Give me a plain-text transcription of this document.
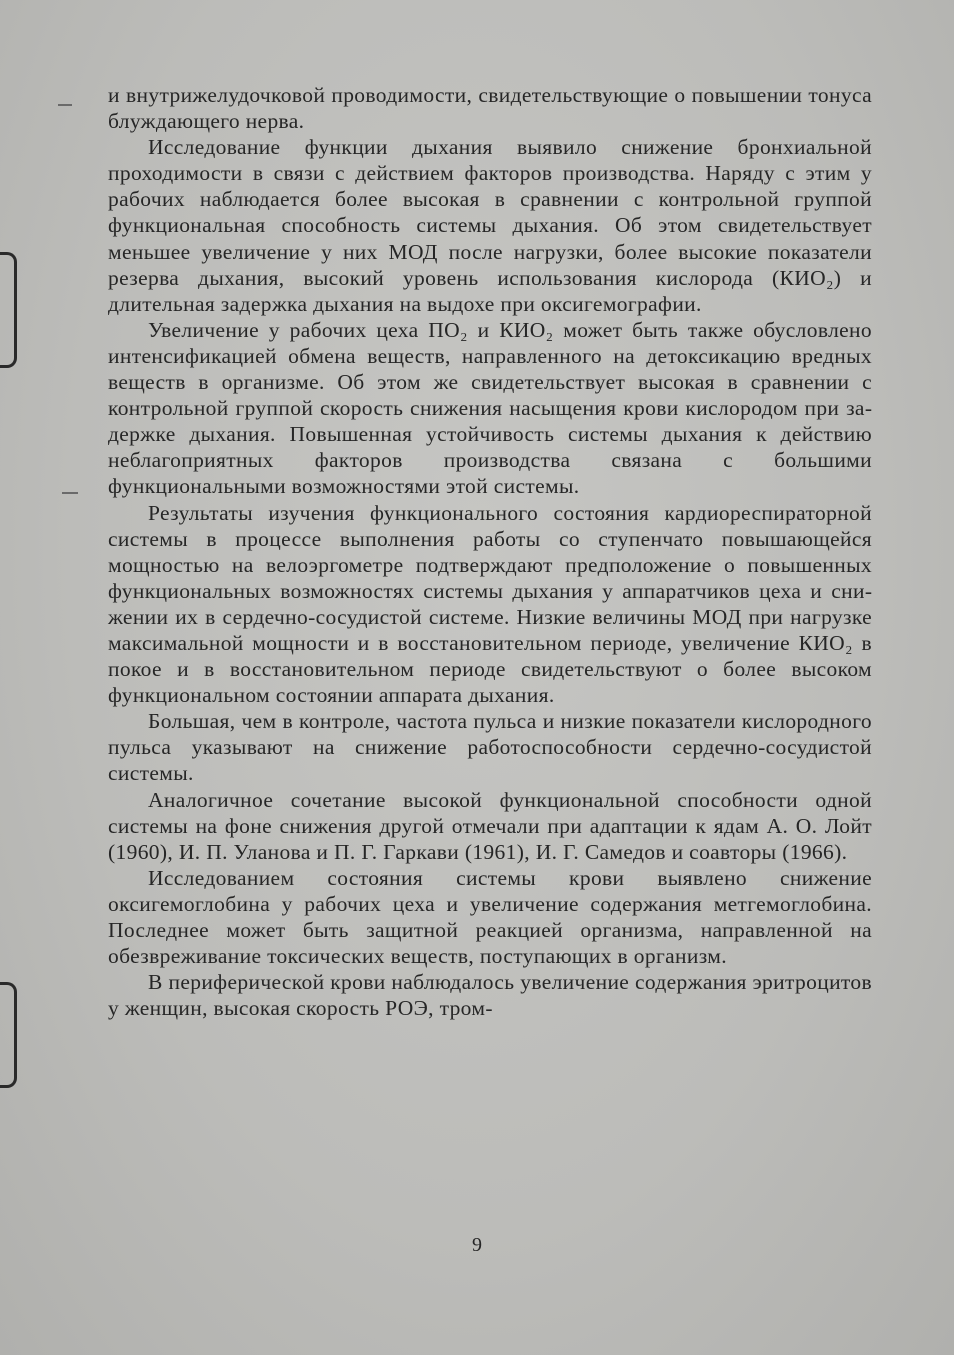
и внутрижелудочковой проводимости, свидетельствующие о повышении тонуса блуждающего нерва.

Исследование функции дыхания выявило снижение бронхиальной проходимости в связи с действием факторов производства. Наряду с этим у рабочих наблюдается более высокая в сравнении с контрольной группой функциональная способность системы дыхания. Об этом свидетельствует меньшее увеличение у них МОД после нагрузки, более высокие показатели резерва дыхания, высокий уровень использования кислорода (КИО₂) и длительная задержка дыхания на выдохе при оксигемографии.

Увеличение у рабочих цеха ПО₂ и КИО₂ может быть также обусловлено интенсификацией обмена веществ, направленного на детоксикацию вредных веществ в организме. Об этом же свидетельствует высокая в сравнении с контрольной группой скорость снижения насыщения крови кислородом при задержке дыхания. Повышенная устойчивость системы дыхания к действию неблагоприятных факторов производства связана с большими функциональными возможностями этой системы.

Результаты изучения функционального состояния кардиореспираторной системы в процессе выполнения работы со ступенчато повышающейся мощностью на велоэргометре подтверждают предположение о повышенных функциональных возможностях системы дыхания у аппаратчиков цеха и снижении их в сердечно-сосудистой системе. Низкие величины МОД при нагрузке максимальной мощности и в восстановительном периоде, увеличение КИО₂ в покое и в восстановительном периоде свидетельствуют о более высоком функциональном состоянии аппарата дыхания.

Большая, чем в контроле, частота пульса и низкие показатели кислородного пульса указывают на снижение работоспособности сердечно-сосудистой системы.

Аналогичное сочетание высокой функциональной способности одной системы на фоне снижения другой отмечали при адаптации к ядам А. О. Лойт (1960), И. П. Уланова и П. Г. Гаркави (1961), И. Г. Самедов и соавторы (1966).

Исследованием состояния системы крови выявлено снижение оксигемоглобина у рабочих цеха и увеличение содержания метгемоглобина. Последнее может быть защитной реакцией организма, направленной на обезвреживание токсических веществ, поступающих в организм.

В периферической крови наблюдалось увеличение содержания эритроцитов у женщин, высокая скорость РОЭ, тром-

9
